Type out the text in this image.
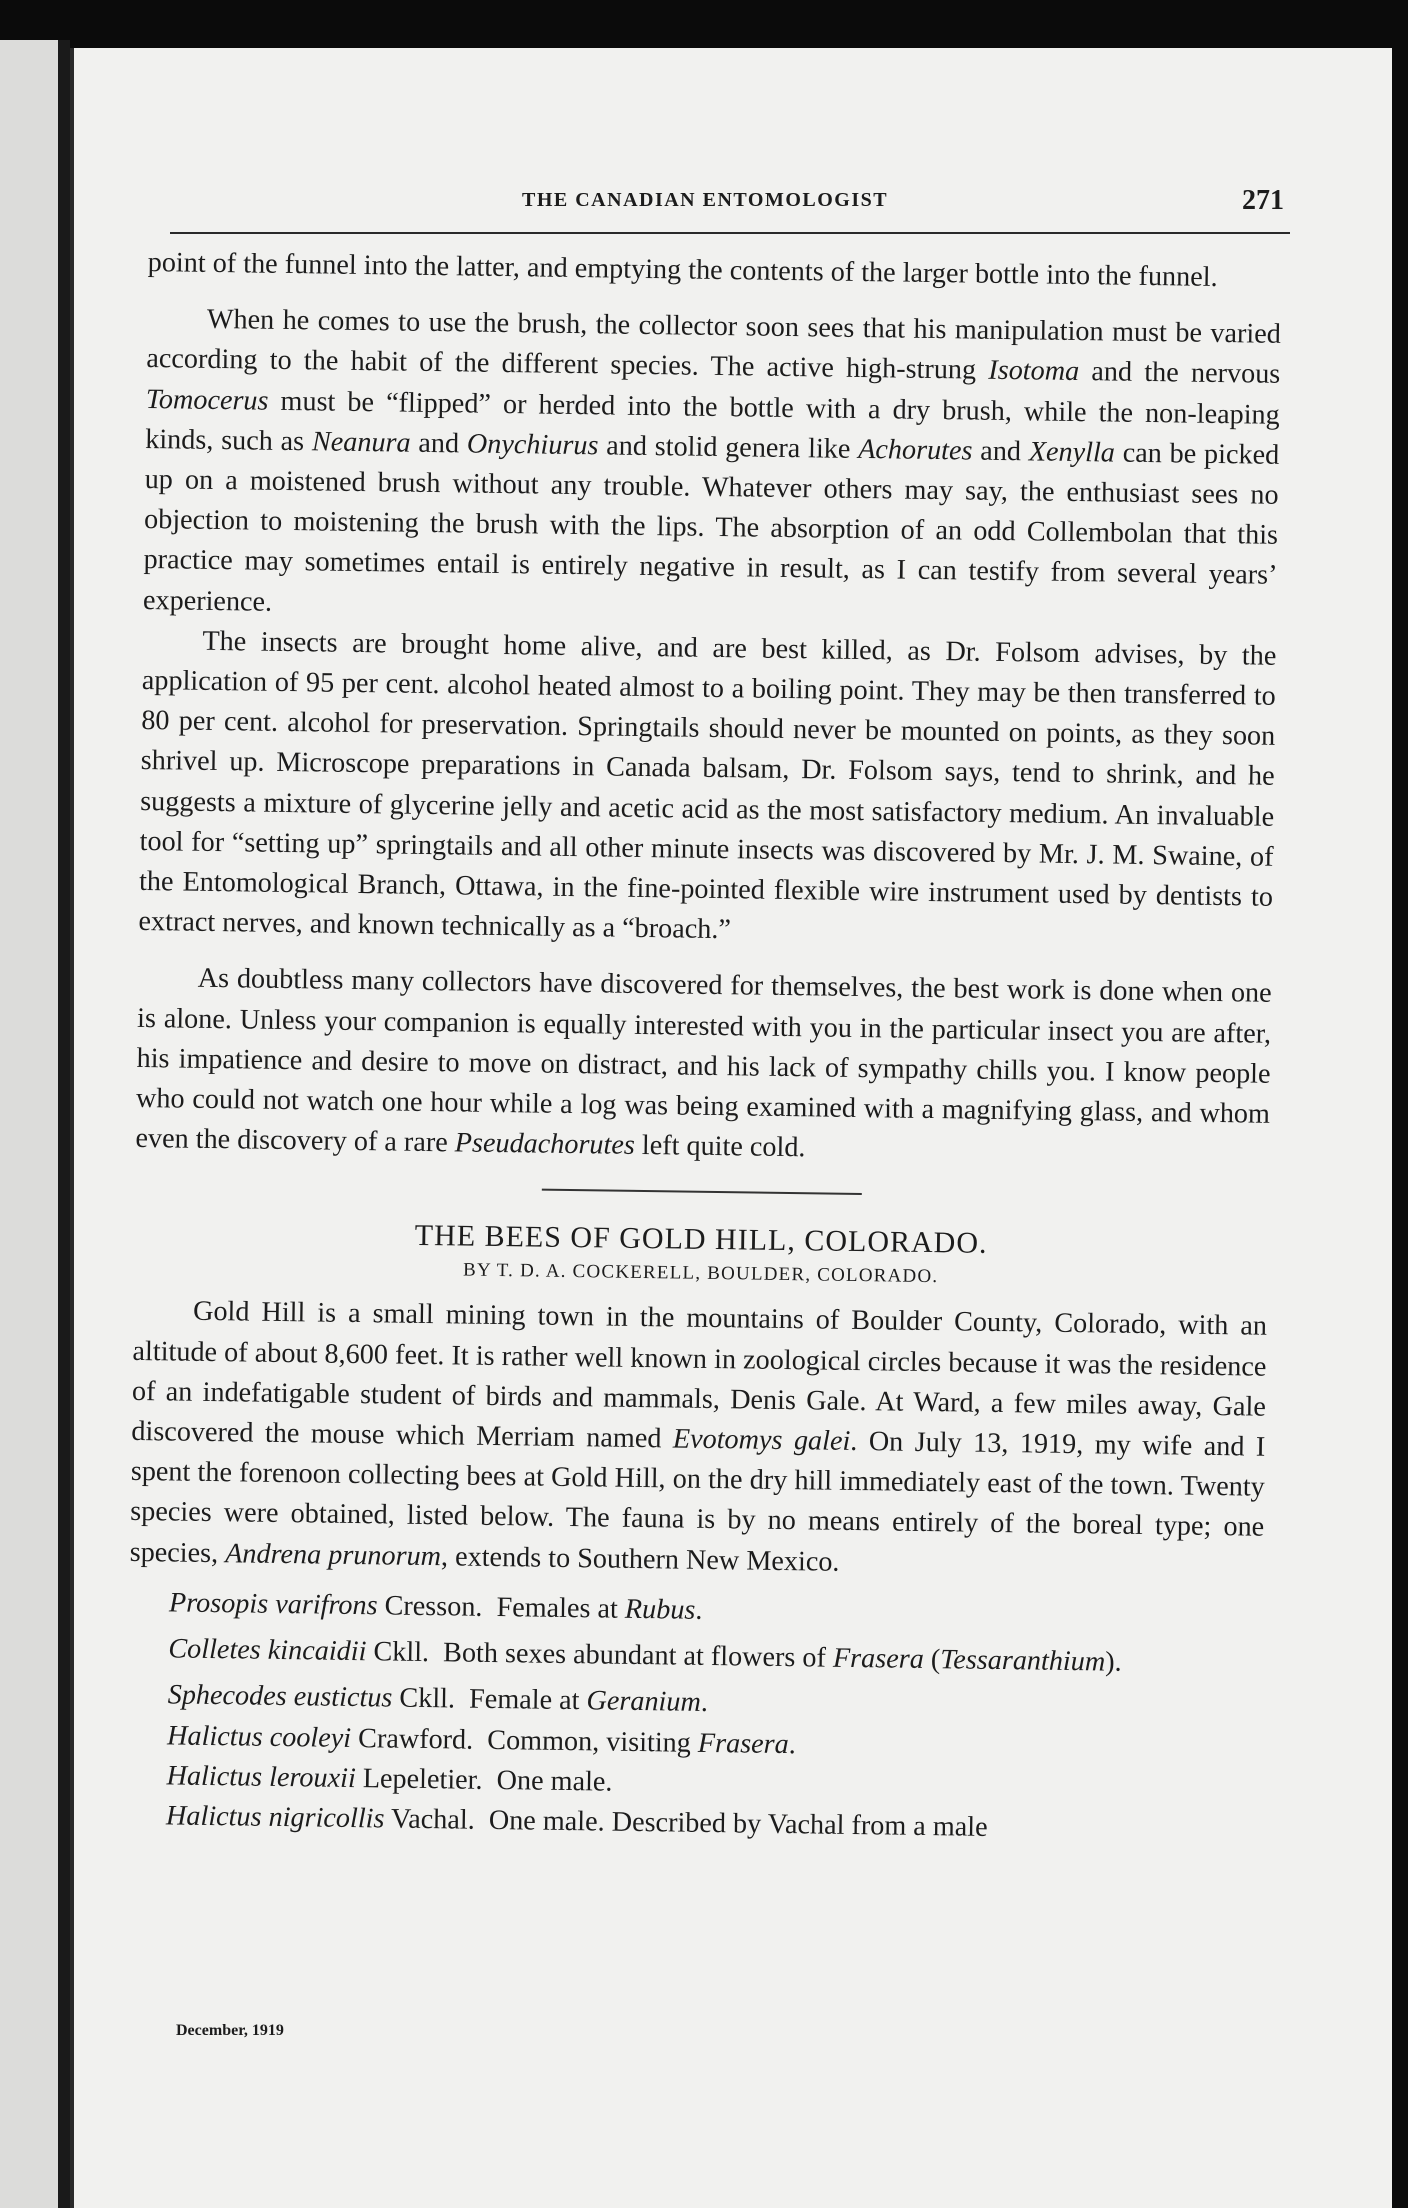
THE CANADIAN ENTOMOLOGIST	271

point of the funnel into the latter, and emptying the contents of the larger bottle into the funnel.

When he comes to use the brush, the collector soon sees that his manipulation must be varied according to the habit of the different species. The active high-strung Isotoma and the nervous Tomocerus must be “flipped” or herded into the bottle with a dry brush, while the non-leaping kinds, such as Neanura and Onychiurus and stolid genera like Achorutes and Xenylla can be picked up on a moistened brush without any trouble. Whatever others may say, the enthusiast sees no objection to moistening the brush with the lips. The absorption of an odd Collembolan that this practice may sometimes entail is entirely negative in result, as I can testify from several years’ experience.

The insects are brought home alive, and are best killed, as Dr. Folsom advises, by the application of 95 per cent. alcohol heated almost to a boiling point. They may be then transferred to 80 per cent. alcohol for preservation. Springtails should never be mounted on points, as they soon shrivel up. Microscope preparations in Canada balsam, Dr. Folsom says, tend to shrink, and he suggests a mixture of glycerine jelly and acetic acid as the most satisfactory medium. An invaluable tool for “setting up” springtails and all other minute insects was discovered by Mr. J. M. Swaine, of the Entomological Branch, Ottawa, in the fine-pointed flexible wire instrument used by dentists to extract nerves, and known technically as a “broach.”

As doubtless many collectors have discovered for themselves, the best work is done when one is alone. Unless your companion is equally interested with you in the particular insect you are after, his impatience and desire to move on distract, and his lack of sympathy chills you. I know people who could not watch one hour while a log was being examined with a magnifying glass, and whom even the discovery of a rare Pseudachorutes left quite cold.

THE BEES OF GOLD HILL, COLORADO.
BY T. D. A. COCKERELL, BOULDER, COLORADO.

Gold Hill is a small mining town in the mountains of Boulder County, Colorado, with an altitude of about 8,600 feet. It is rather well known in zoological circles because it was the residence of an indefatigable student of birds and mammals, Denis Gale. At Ward, a few miles away, Gale discovered the mouse which Merriam named Evotomys galei. On July 13, 1919, my wife and I spent the forenoon collecting bees at Gold Hill, on the dry hill immediately east of the town. Twenty species were obtained, listed below. The fauna is by no means entirely of the boreal type; one species, Andrena prunorum, extends to Southern New Mexico.

Prosopis varifrons Cresson.  Females at Rubus.

Colletes kincaidii Ckll.  Both sexes abundant at flowers of Frasera (Tessaranthium).

Sphecodes eustictus Ckll.  Female at Geranium.

Halictus cooleyi Crawford.  Common, visiting Frasera.

Halictus lerouxii Lepeletier. One male.

Halictus nigricollis Vachal. One male. Described by Vachal from a male

December, 1919
